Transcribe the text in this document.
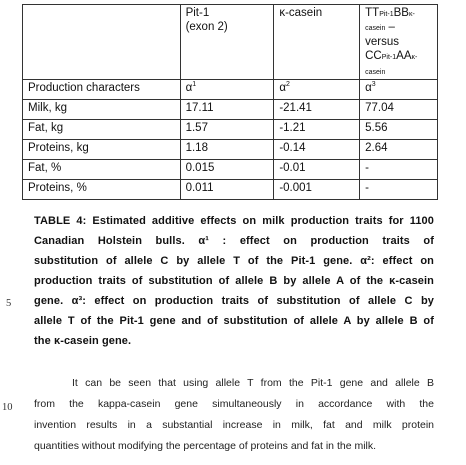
	Pit-1
(exon 2)	κ-casein	TTPit-1BBκ-casein –
versus
CCPit-1AAκ-casein

Production characters	$\alpha^1$	$\alpha^2$	$\alpha^3$
Milk, kg	17.11	-21.41	77.04
Fat, kg	1.57	-1.21	5.56
Proteins, kg	1.18	-0.14	2.64
Fat, %	0.015	-0.01	-
Proteins, %	0.011	-0.001	-
TABLE 4: Estimated additive effects on milk production traits for 1100
Canadian Holstein bulls. α¹ : effect on production traits of
substitution of allele C by allele T of the Pit-1 gene. α²: effect on
production traits of substitution of allele B by allele A of the κ-casein
gene. α³: effect on production traits of substitution of allele C by
allele T of the Pit-1 gene and of substitution of allele A by allele B of
the κ-casein gene.
5
10
It can be seen that using allele T from the Pit-1 gene and allele B
from the kappa-casein gene simultaneously in accordance with the
invention results in a substantial increase in milk, fat and milk protein
quantities without modifying the percentage of proteins and fat in the milk.
